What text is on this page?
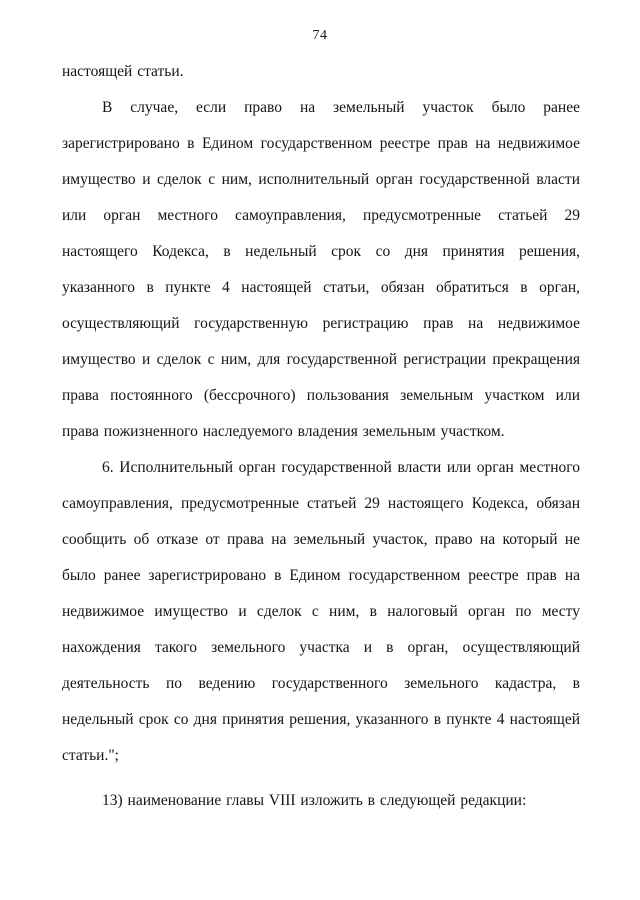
74

настоящей статьи.

В случае, если право на земельный участок было ранее зарегистрировано в Едином государственном реестре прав на недвижимое имущество и сделок с ним, исполнительный орган государственной власти или орган местного самоуправления, предусмотренные статьей 29 настоящего Кодекса, в недельный срок со дня принятия решения, указанного в пункте 4 настоящей статьи, обязан обратиться в орган, осуществляющий государственную регистрацию прав на недвижимое имущество и сделок с ним, для государственной регистрации прекращения права постоянного (бессрочного) пользования земельным участком или права пожизненного наследуемого владения земельным участком.

6. Исполнительный орган государственной власти или орган местного самоуправления, предусмотренные статьей 29 настоящего Кодекса, обязан сообщить об отказе от права на земельный участок, право на который не было ранее зарегистрировано в Едином государственном реестре прав на недвижимое имущество и сделок с ним, в налоговый орган по месту нахождения такого земельного участка и в орган, осуществляющий деятельность по ведению государственного земельного кадастра, в недельный срок со дня принятия решения, указанного в пункте 4 настоящей статьи.";

13) наименование главы VIII изложить в следующей редакции:
